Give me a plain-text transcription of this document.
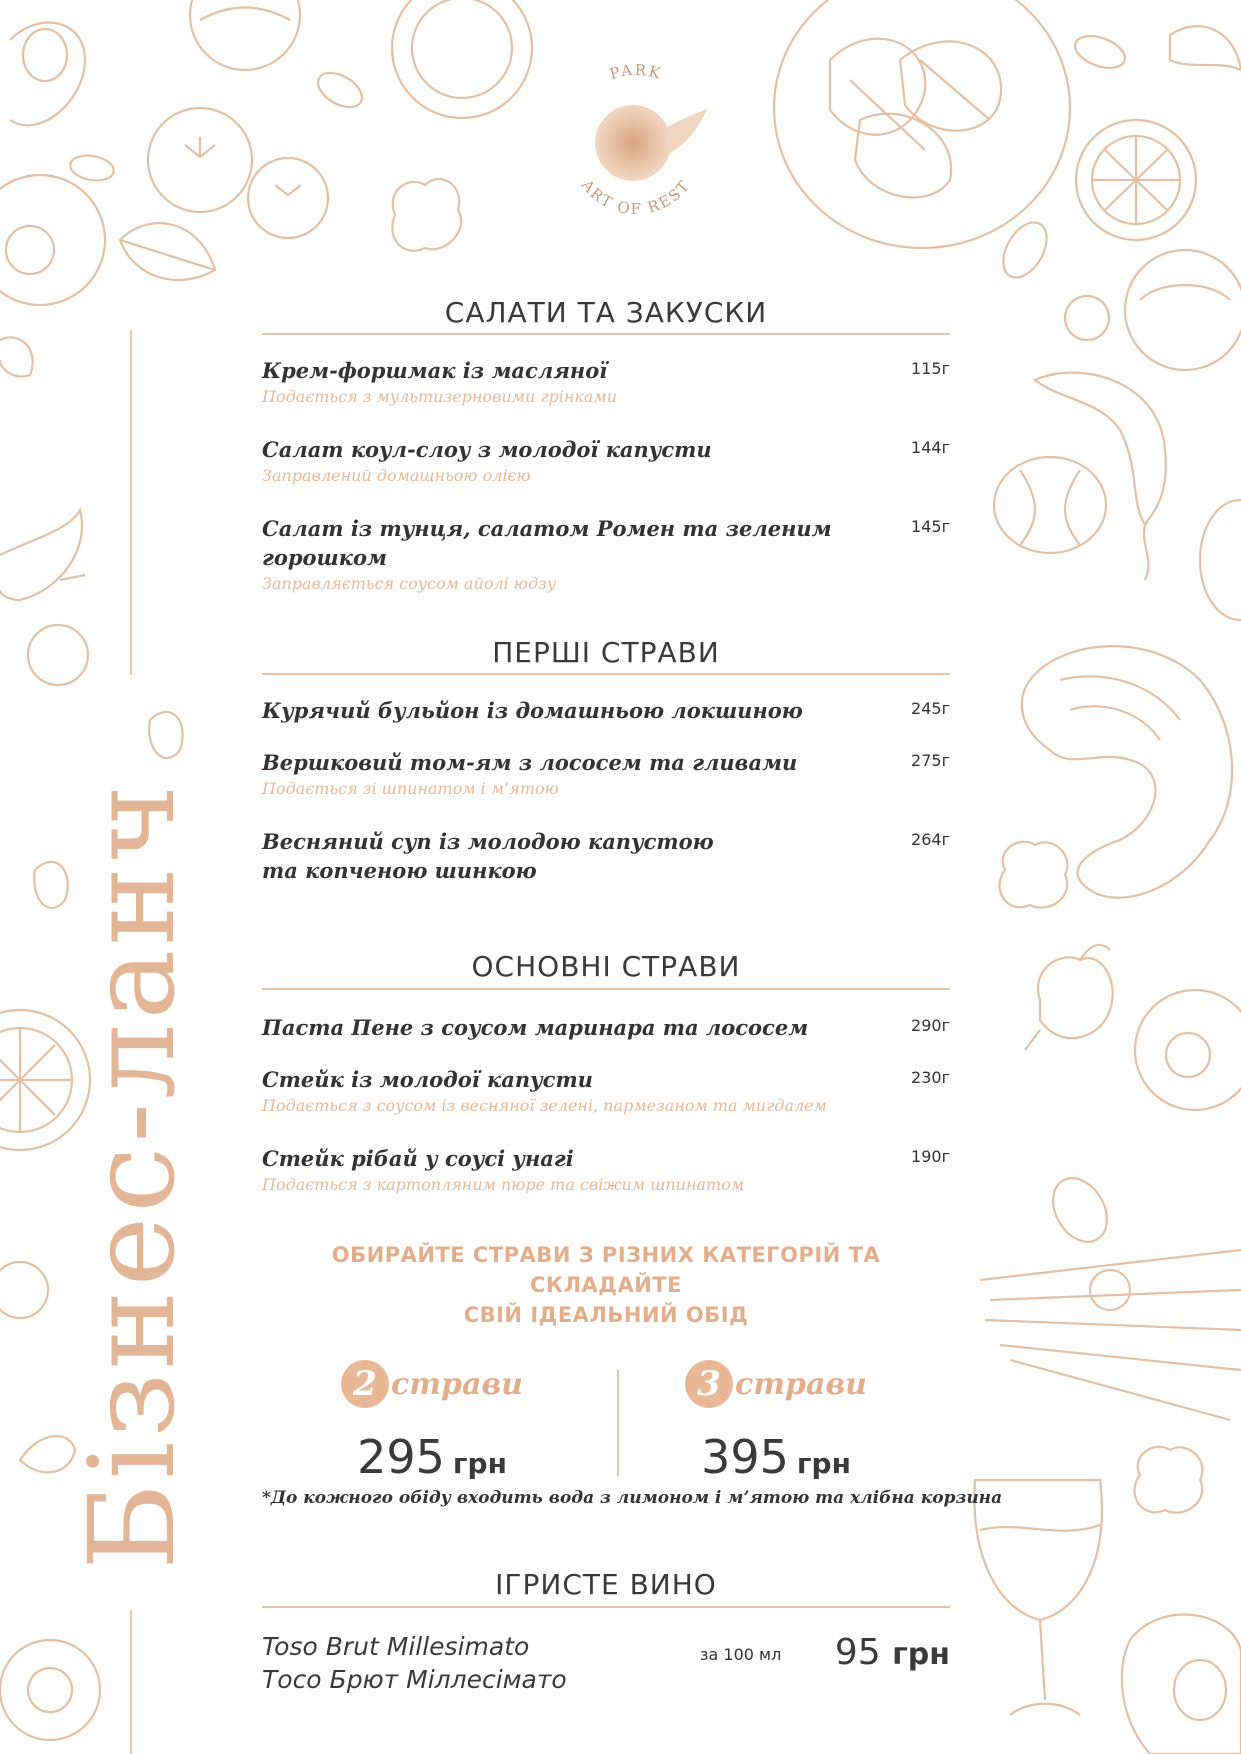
Бізнес-ланч
PARK
ART OF REST
САЛАТИ ТА ЗАКУСКИ
Крем-форшмак із масляної
Подається з мультизерновими грінками
115г
Салат коул-слоу з молодої капусти
Заправлений домашньою олією
144г
Салат із тунця, салатом Ромен та зеленим горошком
Заправляється соусом айолі юдзу
145г
ПЕРШІ СТРАВИ
Курячий бульйон із домашньою локшиною	245г
Вершковий том-ям з лососем та гливами
Подається зі шпинатом і м’ятою
275г
Весняний суп із молодою капустою
та копченою шинкою
264г
ОСНОВНІ СТРАВИ
Паста Пене з соусом маринара та лососем	290г
Стейк із молодої капусти
Подається з соусом із весняної зелені, пармезаном та мигдалем
230г
Стейк рібай у соусі унагі
Подається з картопляним пюре та свіжим шпинатом
190г
ОБИРАЙТЕ СТРАВИ З РІЗНИХ КАТЕГОРІЙ ТА СКЛАДАЙТЕ
СВІЙ ІДЕАЛЬНИЙ ОБІД
2 страви
295 грн
3 страви
395 грн
*До кожного обіду входить вода з лимоном і м’ятою та хлібна корзина
ІГРИСТЕ ВИНО
Toso Brut Millesimato
Тосо Брют Міллесімато
за 100 мл 95 грн
